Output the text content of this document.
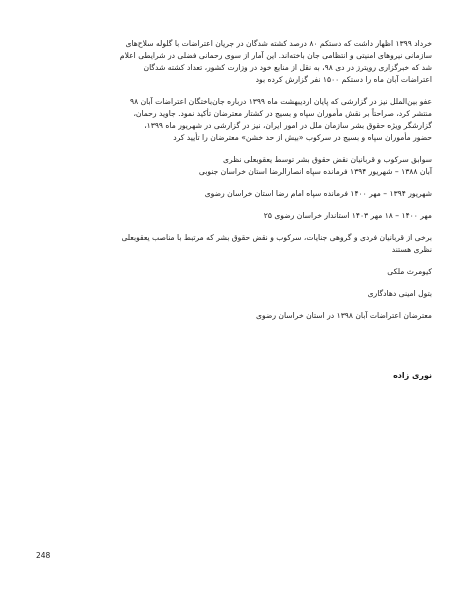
خرداد ۱۳۹۹ اظهار داشت که دستکم ۸۰ درصد کشته شدگان در جریان اعتراضات با گلوله سلاح‌های
سازمانی نیروهای امنیتی و انتظامی جان باخته‌اند. این آمار از سوی رحمانی فضلی در شرایطی اعلام
شد که خبرگزاری رویترز در دی ۹۸، به نقل از منابع خود در وزارت کشور، تعداد کشته شدگان
اعتراضات آبان ماه را دستکم ۱۵۰۰ نفر گزارش کرده بود
عفو بین‌الملل نیز در گزارشی که پایان اردیبهشت ماه ۱۳۹۹ درباره جان‌باختگان اعتراضات آبان ۹۸
منتشر کرد، صراحتاً بر نقش مأموران سپاه و بسیج در کشتار معترضان تأکید نمود. جاوید رحمان،
گزارشگر ویژه حقوق بشر سازمان ملل در امور ایران، نیز در گزارشی در شهریور ماه ۱۳۹۹،
حضور مأموران سپاه و بسیج در سرکوب «بیش از حد خشن» معترضان را تأیید کرد
سوابق سرکوب و قربانیان نقض حقوق بشر توسط یعقوبعلی نظری
آبان ۱۳۸۸ – شهریور ۱۳۹۴ فرمانده سپاه انصارالرضا استان خراسان جنوبی
شهریور ۱۳۹۴ – مهر ۱۴۰۰ فرمانده سپاه امام رضا استان خراسان رضوی
مهر ۱۴۰۰ – ۱۸ مهر ۱۴۰۳ استاندار خراسان رضوی ۲۵
برخی از قربانیان فردی و گروهی جنایات، سرکوب و نقض حقوق بشر که مرتبط با مناصب یعقوبعلی
نظری هستند
کیومرث ملکی
بتول امینی دهادگاری
معترضان اعتراضات آبان ۱۳۹۸ در استان خراسان رضوی
نوری زاده
248
